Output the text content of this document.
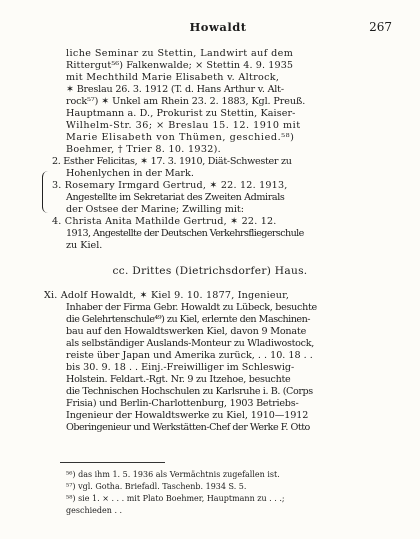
Howaldt	267
liche Seminar zu Stettin, Landwirt auf dem
Rittergut⁵⁶) Falkenwalde; ⨯ Stettin 4. 9. 1935
mit Mechthild Marie Elisabeth v. Altrock,
✶ Breslau 26. 3. 1912 (T. d. Hans Arthur v. Alt-
rock⁵⁷) ✶ Unkel am Rhein 23. 2. 1883, Kgl. Preuß.
Hauptmann a. D., Prokurist zu Stettin, Kaiser-
Wilhelm-Str. 36; ⨯ Breslau 15. 12. 1910 mit
Marie Elisabeth von Thümen, geschied.⁵⁸)
Boehmer, † Trier 8. 10. 1932).
2. Esther Felicitas, ✶ 17. 3. 1910, Diät-Schwester zu
Hohenlychen in der Mark.
3. Rosemary Irmgard Gertrud, ✶ 22. 12. 1913,
Angestellte im Sekretariat des Zweiten Admirals
der Ostsee der Marine; Zwilling mit:
4. Christa Anita Mathilde Gertrud, ✶ 22. 12.
1913, Angestellte der Deutschen Verkehrsfliegerschule
zu Kiel.
cc. Drittes (Dietrichsdorfer) Haus.
Xi. Adolf Howaldt, ✶ Kiel 9. 10. 1877, Ingenieur,
Inhaber der Firma Gebr. Howaldt zu Lübeck, besuchte
die Gelehrtenschule⁴⁹) zu Kiel, erlernte den Maschinen-
bau auf den Howaldtswerken Kiel, davon 9 Monate
als selbständiger Auslands-Monteur zu Wladiwostock,
reiste über Japan und Amerika zurück, . . 10. 18 . .
bis 30. 9. 18 . . Einj.-Freiwilliger im Schleswig-
Holstein. Feldart.-Rgt. Nr. 9 zu Itzehoe, besuchte
die Technischen Hochschulen zu Karlsruhe i. B. (Corps
Frisia) und Berlin-Charlottenburg, 1903 Betriebs-
Ingenieur der Howaldtswerke zu Kiel, 1910—1912
Oberingenieur und Werkstätten-Chef der Werke F. Otto
⁵⁶) das ihm 1. 5. 1936 als Vermächtnis zugefallen ist.
⁵⁷) vgl. Gotha. Briefadl. Taschenb. 1934 S. 5.
⁵⁸) sie 1. ⨯ . . . mit Plato Boehmer, Hauptmann zu . . .;
geschieden . .
